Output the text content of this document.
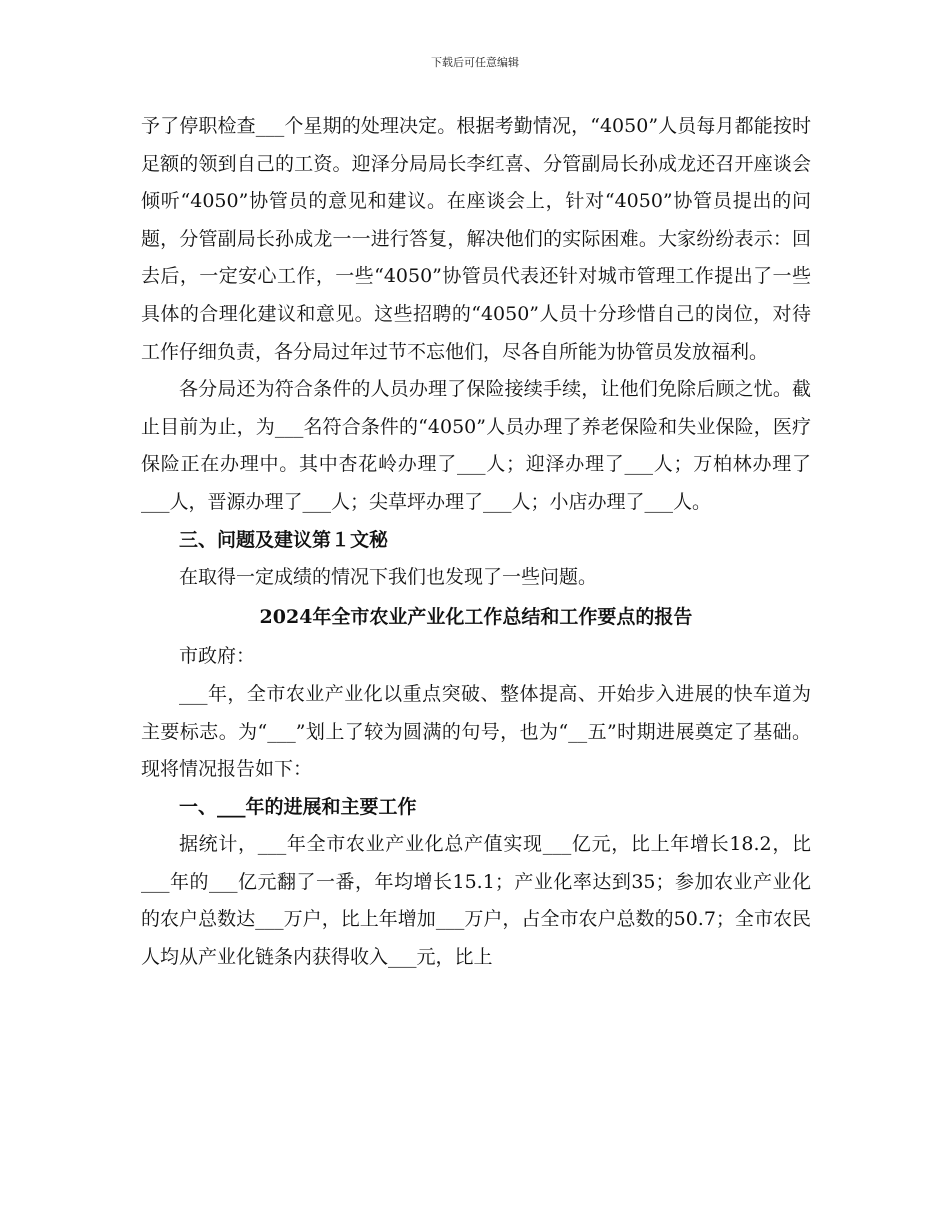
下载后可任意编辑

予了停职检查___个星期的处理决定。根据考勤情况，“4050”人员每月都能按时足额的领到自己的工资。迎泽分局局长李红喜、分管副局长孙成龙还召开座谈会倾听“4050”协管员的意见和建议。在座谈会上，针对“4050”协管员提出的问题，分管副局长孙成龙一一进行答复，解决他们的实际困难。大家纷纷表示：回去后，一定安心工作，一些“4050”协管员代表还针对城市管理工作提出了一些具体的合理化建议和意见。这些招聘的“4050”人员十分珍惜自己的岗位，对待工作仔细负责，各分局过年过节不忘他们，尽各自所能为协管员发放福利。

各分局还为符合条件的人员办理了保险接续手续，让他们免除后顾之忧。截止目前为止，为___名符合条件的“4050”人员办理了养老保险和失业保险，医疗保险正在办理中。其中杏花岭办理了___人；迎泽办理了___人；万柏林办理了___人，晋源办理了___人；尖草坪办理了___人；小店办理了___人。

三、问题及建议第１文秘

在取得一定成绩的情况下我们也发现了一些问题。

2024年全市农业产业化工作总结和工作要点的报告

市政府：

___年，全市农业产业化以重点突破、整体提高、开始步入进展的快车道为主要标志。为“___”划上了较为圆满的句号，也为“__五”时期进展奠定了基础。现将情况报告如下：

一、___年的进展和主要工作

据统计，___年全市农业产业化总产值实现___亿元，比上年增长18.2，比___年的___亿元翻了一番，年均增长15.1；产业化率达到35；参加农业产业化的农户总数达___万户，比上年增加___万户，占全市农户总数的50.7；全市农民人均从产业化链条内获得收入___元，比上
